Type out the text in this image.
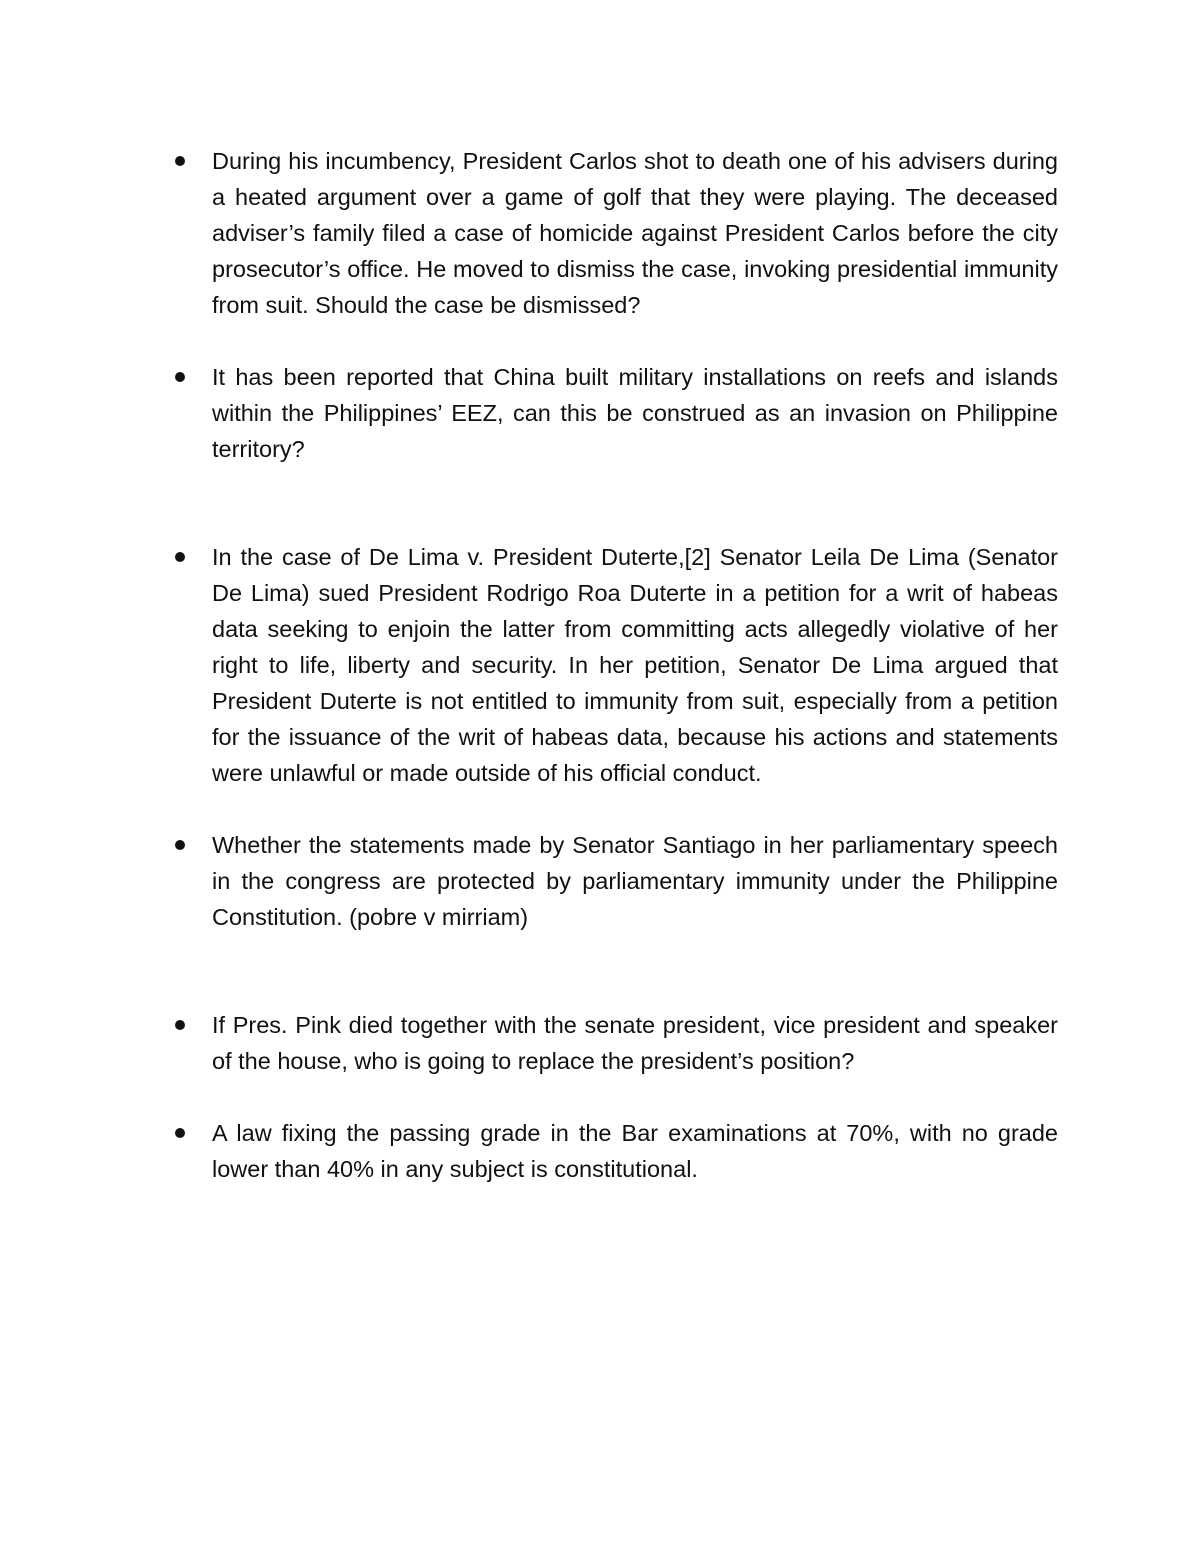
During his incumbency, President Carlos shot to death one of his advisers during a heated argument over a game of golf that they were playing. The deceased adviser’s family filed a case of homicide against President Carlos before the city prosecutor’s office. He moved to dismiss the case, invoking presidential immunity from suit. Should the case be dismissed?
It has been reported that China built military installations on reefs and islands within the Philippines’ EEZ, can this be construed as an invasion on Philippine territory?
In the case of De Lima v. President Duterte,[2] Senator Leila De Lima (Senator De Lima) sued President Rodrigo Roa Duterte in a petition for a writ of habeas data seeking to enjoin the latter from committing acts allegedly violative of her right to life, liberty and security. In her petition, Senator De Lima argued that President Duterte is not entitled to immunity from suit, especially from a petition for the issuance of the writ of habeas data, because his actions and statements were unlawful or made outside of his official conduct.
Whether the statements made by Senator Santiago in her parliamentary speech in the congress are protected by parliamentary immunity under the Philippine Constitution. (pobre v mirriam)
If Pres. Pink died together with the senate president, vice president and speaker of the house, who is going to replace the president’s position?
A law fixing the passing grade in the Bar examinations at 70%, with no grade lower than 40% in any subject is constitutional.
